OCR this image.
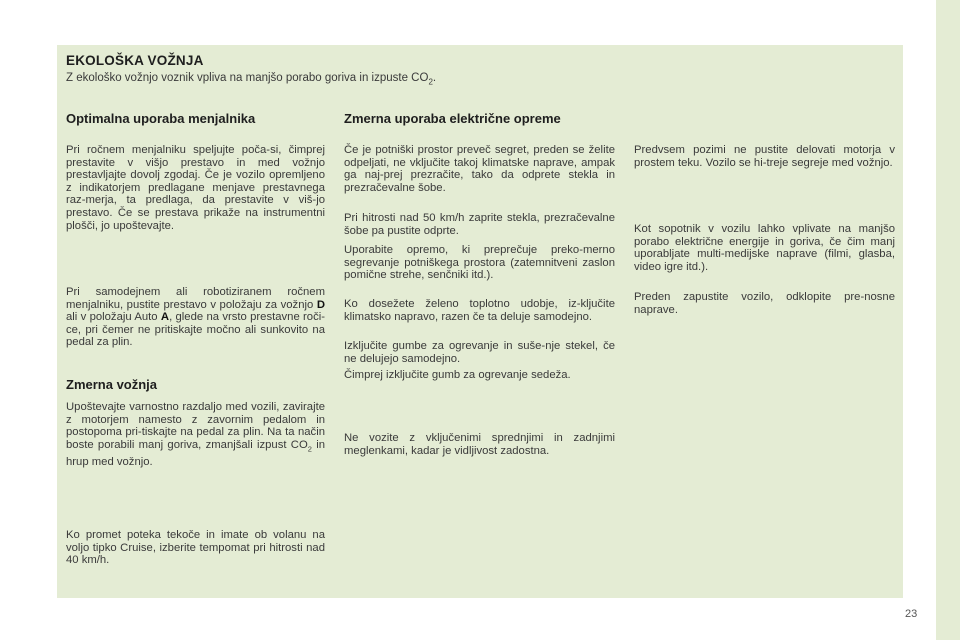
EKOLOŠKA VOŽNJA
Z ekološko vožnjo voznik vpliva na manjšo porabo goriva in izpuste $CO_2$.
Optimalna uporaba menjalnika

Pri ročnem menjalniku speljujte poča-si, čimprej prestavite v višjo prestavo in med vožnjo prestavljajte dovolj zgodaj. Če je vozilo opremljeno z indikatorjem predlagane menjave prestavnega raz-merja, ta predlaga, da prestavite v viš-jo prestavo. Če se prestava prikaže na instrumentni plošči, jo upoštevajte.

Pri samodejnem ali robotiziranem ročnem menjalniku, pustite prestavo v položaju za vožnjo D ali v položaju Auto A, glede na vrsto prestavne roči-ce, pri čemer ne pritiskajte močno ali sunkovito na pedal za plin.

Zmerna vožnja

Upoštevajte varnostno razdaljo med vozili, zavirajte z motorjem namesto z zavornim pedalom in postopoma pri-tiskajte na pedal za plin. Na ta način boste porabili manj goriva, zmanjšali izpust $CO_2$ in hrup med vožnjo.

Ko promet poteka tekoče in imate ob volanu na voljo tipko Cruise, izberite tempomat pri hitrosti nad 40 km/h.

Zmerna uporaba električne opreme

Če je potniški prostor preveč segret, preden se želite odpeljati, ne vključite takoj klimatske naprave, ampak ga naj-prej prezračite, tako da odprete stekla in prezračevalne šobe.

Pri hitrosti nad 50 km/h zaprite stekla, prezračevalne šobe pa pustite odprte.

Uporabite opremo, ki preprečuje preko-merno segrevanje potniškega prostora (zatemnitveni zaslon pomične strehe, senčniki itd.).

Ko dosežete želeno toplotno udobje, iz-ključite klimatsko napravo, razen če ta deluje samodejno.

Izključite gumbe za ogrevanje in suše-nje stekel, če ne delujejo samodejno.

Čimprej izključite gumb za ogrevanje sedeža.

Ne vozite z vključenimi sprednjimi in zadnjimi meglenkami, kadar je vidljivost zadostna.

Predvsem pozimi ne pustite delovati motorja v prostem teku. Vozilo se hi-treje segreje med vožnjo.

Kot sopotnik v vozilu lahko vplivate na manjšo porabo električne energije in goriva, če čim manj uporabljate multi-medijske naprave (filmi, glasba, video igre itd.).

Preden zapustite vozilo, odklopite pre-nosne naprave.

23
